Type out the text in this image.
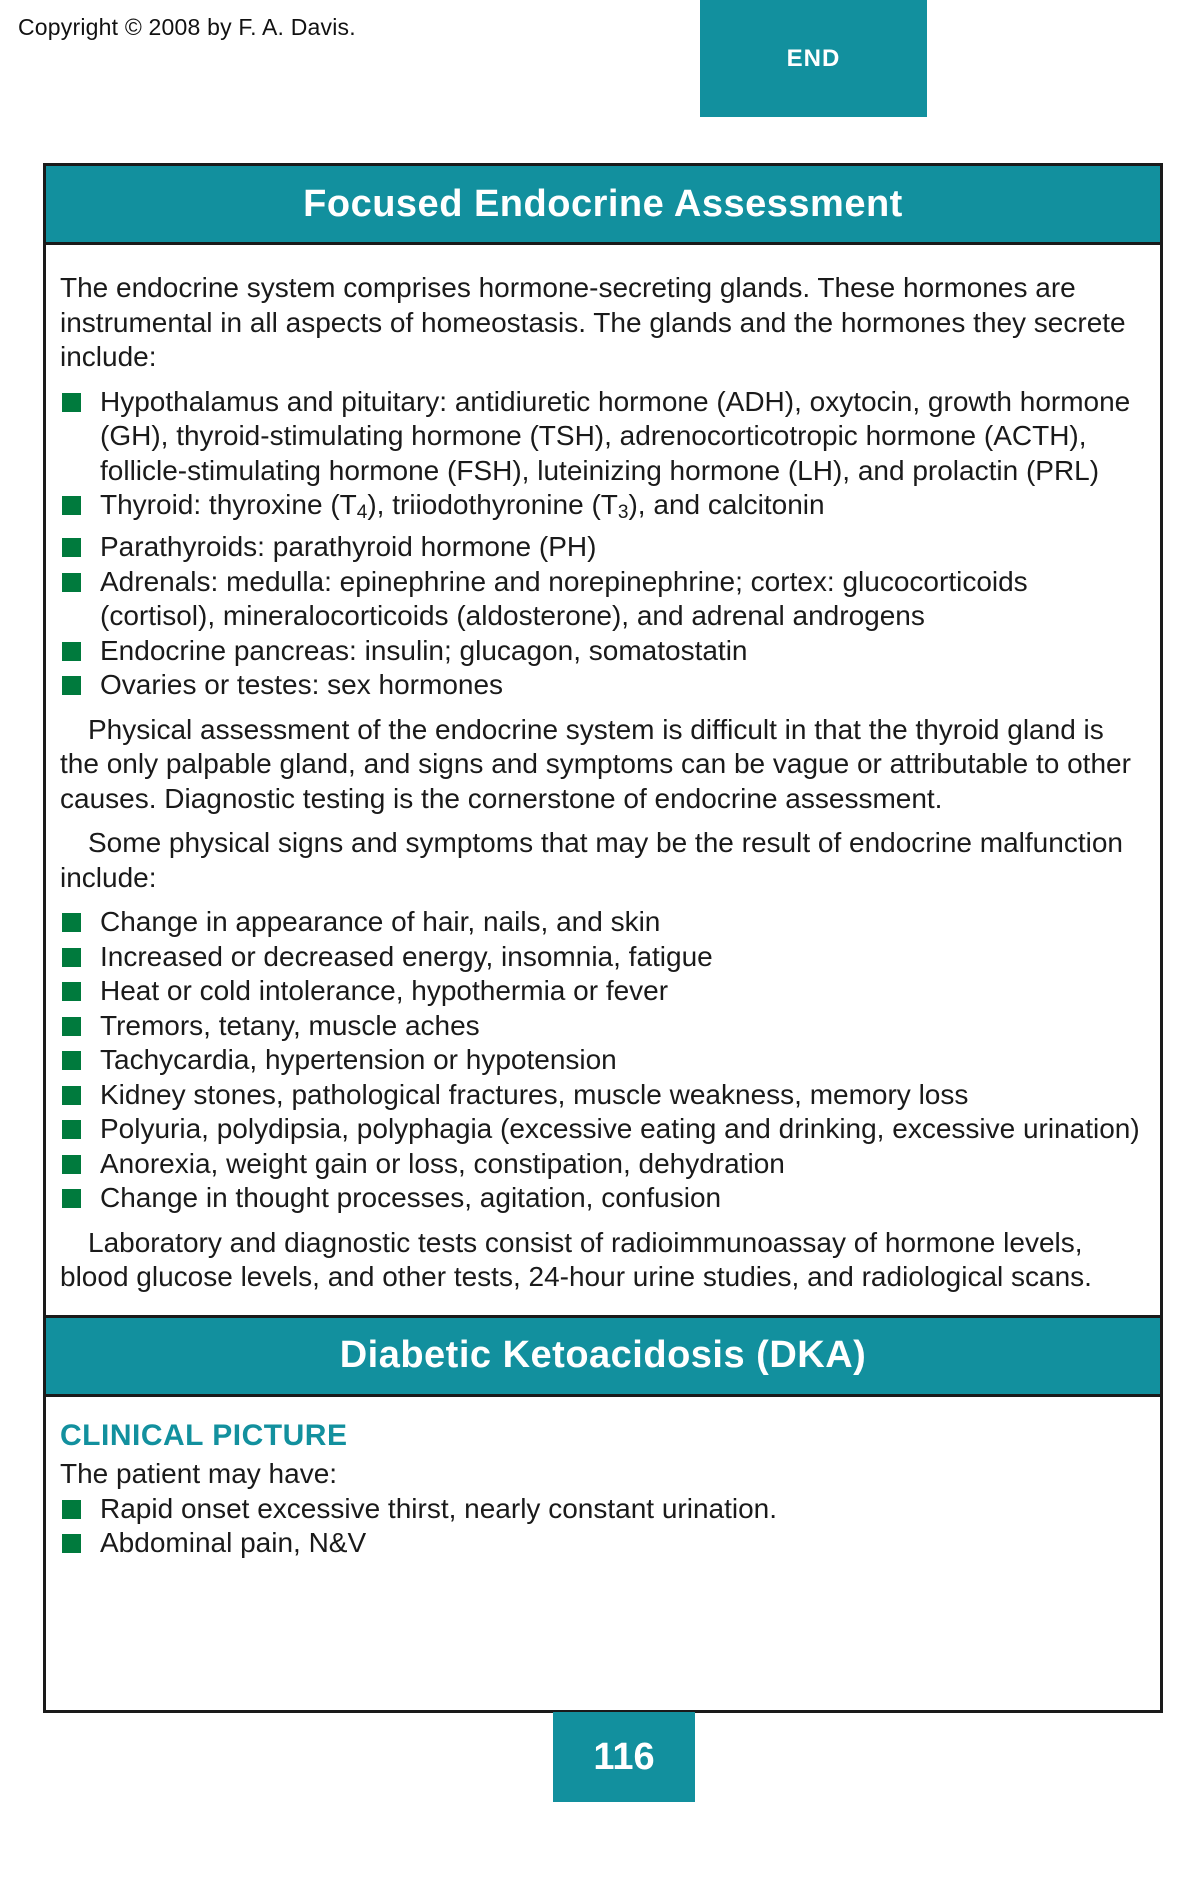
Copyright © 2008 by F. A. Davis.
END
Focused Endocrine Assessment

The endocrine system comprises hormone-secreting glands. These hormones are instrumental in all aspects of homeostasis. The glands and the hormones they secrete include:

Hypothalamus and pituitary: antidiuretic hormone (ADH), oxytocin, growth hormone (GH), thyroid-stimulating hormone (TSH), adrenocorticotropic hormone (ACTH), follicle-stimulating hormone (FSH), luteinizing hormone (LH), and prolactin (PRL)
Thyroid: thyroxine $(T_4)$, triiodothyronine $(T_3)$, and calcitonin
Parathyroids: parathyroid hormone (PH)
Adrenals: medulla: epinephrine and norepinephrine; cortex: glucocorticoids (cortisol), mineralocorticoids (aldosterone), and adrenal androgens
Endocrine pancreas: insulin; glucagon, somatostatin
Ovaries or testes: sex hormones

Physical assessment of the endocrine system is difficult in that the thyroid gland is the only palpable gland, and signs and symptoms can be vague or attributable to other causes. Diagnostic testing is the cornerstone of endocrine assessment.

Some physical signs and symptoms that may be the result of endocrine malfunction include:

Change in appearance of hair, nails, and skin
Increased or decreased energy, insomnia, fatigue
Heat or cold intolerance, hypothermia or fever
Tremors, tetany, muscle aches
Tachycardia, hypertension or hypotension
Kidney stones, pathological fractures, muscle weakness, memory loss
Polyuria, polydipsia, polyphagia (excessive eating and drinking, excessive urination)
Anorexia, weight gain or loss, constipation, dehydration
Change in thought processes, agitation, confusion

Laboratory and diagnostic tests consist of radioimmunoassay of hormone levels, blood glucose levels, and other tests, 24-hour urine studies, and radiological scans.

Diabetic Ketoacidosis (DKA)
CLINICAL PICTURE

The patient may have:

Rapid onset excessive thirst, nearly constant urination.
Abdominal pain, N&V
116
